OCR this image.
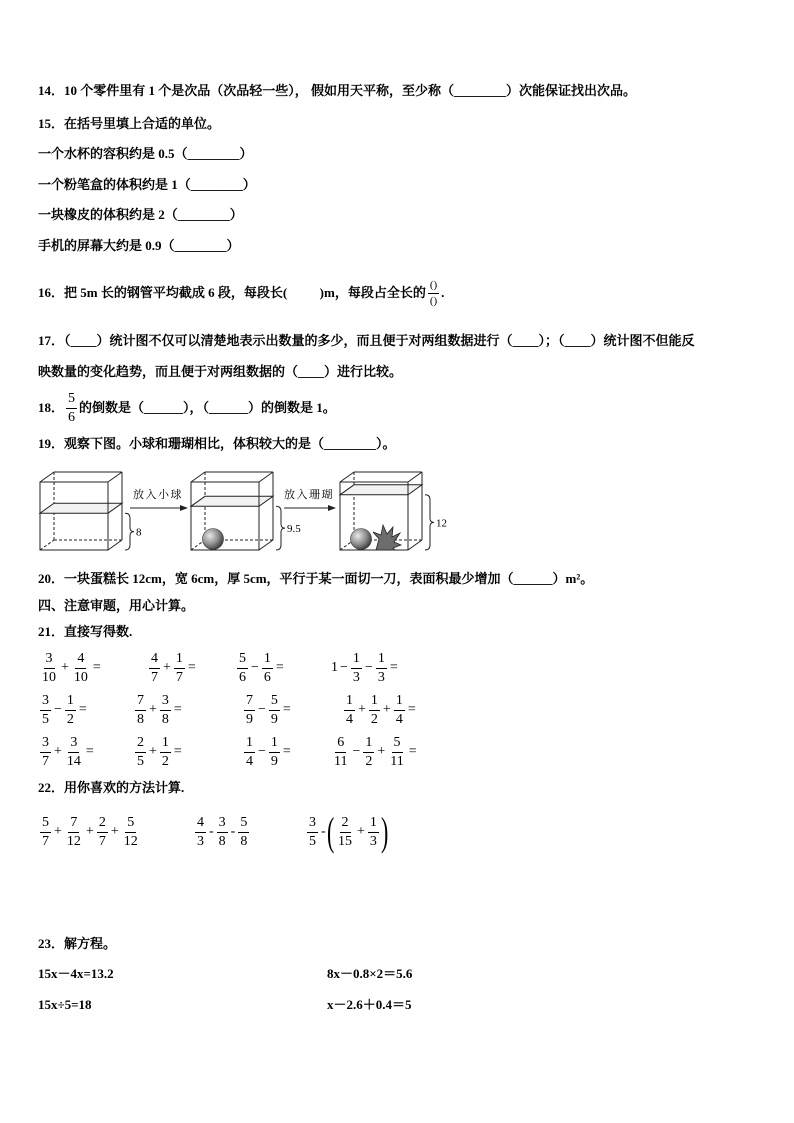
14．10 个零件里有 1 个是次品（次品轻一些）， 假如用天平称，至少称（________）次能保证找出次品。
15．在括号里填上合适的单位。
一个水杯的容积约是 0.5（________）
一个粉笔盒的体积约是 1（________）
一块橡皮的体积约是 2（________）
手机的屏幕大约是 0.9（________）
16．把 5m 长的钢管平均截成 6 段，每段长(          )m，每段占全长的 $\frac{()}{()}$ .
17．（____）统计图不仅可以清楚地表示出数量的多少，而且便于对两组数据进行（____）；（____）统计图不但能反
映数量的变化趋势，而且便于对两组数据的（____）进行比较。
18． $\frac{5}{6}$ 的倒数是（______），（______）的倒数是 1。
19．观察下图。小球和珊瑚相比，体积较大的是（________）。
8	9.5	12
放入小球	放入珊瑚
20．一块蛋糕长 12cm，宽 6cm，厚 5cm，平行于某一面切一刀，表面积最少增加（______）m²。
四、注意审题，用心计算。
21．直接写得数.
$\frac{3}{10} + \frac{4}{10}$ =	$\frac{4}{7} + \frac{1}{7}$ =	$\frac{5}{6} - \frac{1}{6}$ =	$1 - \frac{1}{3} - \frac{1}{3}$ =
$\frac{3}{5} - \frac{1}{2}$ =	$\frac{7}{8} + \frac{3}{8}$ =	$\frac{7}{9} - \frac{5}{9}$ =	$\frac{1}{4} + \frac{1}{2} + \frac{1}{4}$ =
$\frac{3}{7} + \frac{3}{14}$ =	$\frac{2}{5} + \frac{1}{2}$ =	$\frac{1}{4} - \frac{1}{9}$ =	$\frac{6}{11} - \frac{1}{2} + \frac{5}{11}$ =
22．用你喜欢的方法计算.
$\frac{5}{7} + \frac{7}{12} + \frac{2}{7} + \frac{5}{12}$	$\frac{4}{3} - \frac{3}{8} - \frac{5}{8}$	$\frac{3}{5}$ - ( $\frac{2}{15} + \frac{1}{3}$ )
23．解方程。
15x－4x=13.2	8x－0.8×2＝5.6
15x÷5=18	x－2.6＋0.4＝5
